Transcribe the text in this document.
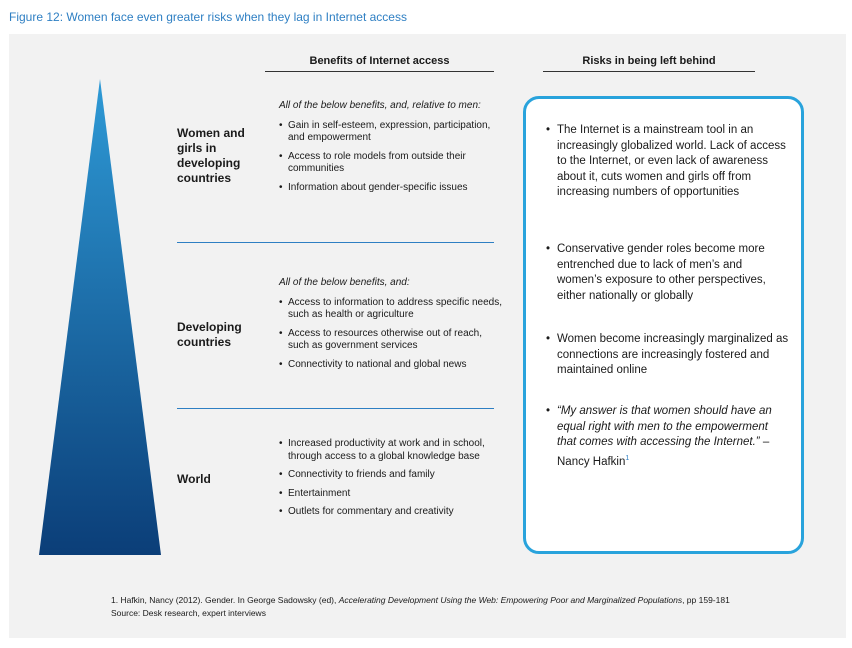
Figure 12: Women face even greater risks when they lag in Internet access
Benefits of Internet access	Risks in being left behind
Women and girls in developing countries
All of the below benefits, and, relative to men:
• Gain in self-esteem, expression, participation, and empowerment
• Access to role models from outside their communities
• Information about gender-specific issues
Developing countries
All of the below benefits, and:
• Access to information to address specific needs, such as health or agriculture
• Access to resources otherwise out of reach, such as government services
• Connectivity to national and global news
World
• Increased productivity at work and in school, through access to a global knowledge base
• Connectivity to friends and family
• Entertainment
• Outlets for commentary and creativity
• The Internet is a mainstream tool in an increasingly globalized world. Lack of access to the Internet, or even lack of awareness about it, cuts women and girls off from increasing numbers of opportunities
• Conservative gender roles become more entrenched due to lack of men’s and women’s exposure to other perspectives, either nationally or globally
• Women become increasingly marginalized as connections are increasingly fostered and maintained online
• “My answer is that women should have an equal right with men to the empowerment that comes with accessing the Internet.” – Nancy Hafkin$^1$
1. Hafkin, Nancy (2012). Gender. In George Sadowsky (ed), Accelerating Development Using the Web: Empowering Poor and Marginalized Populations, pp 159-181
Source: Desk research, expert interviews
